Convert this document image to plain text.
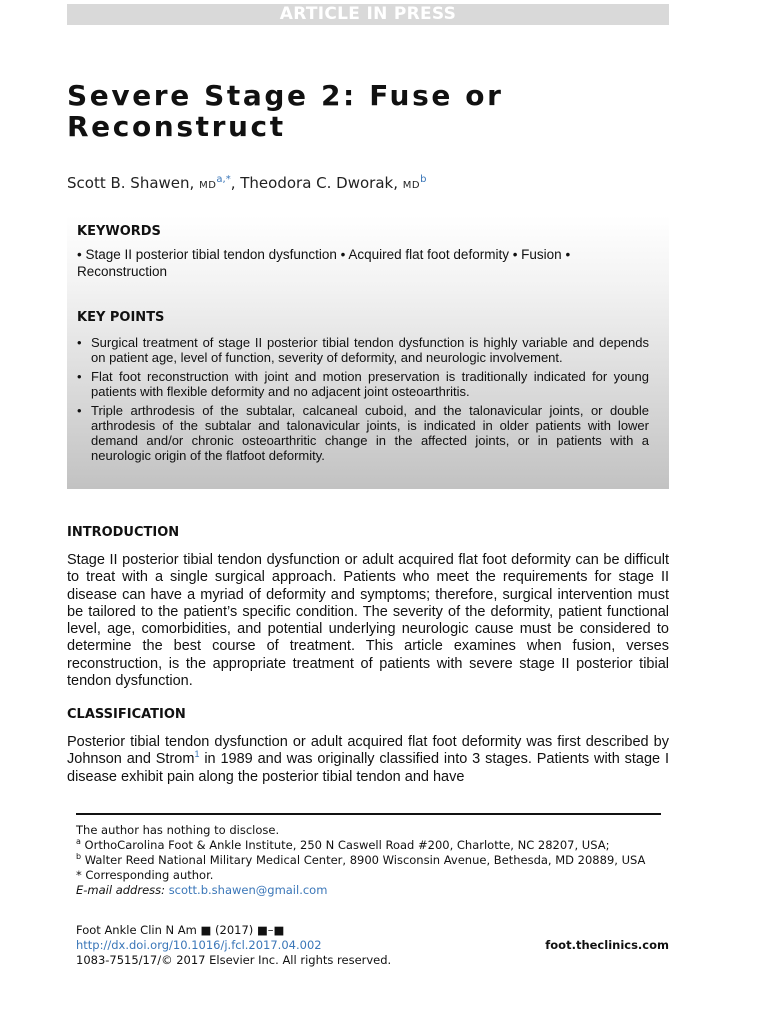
ARTICLE IN PRESS
Severe Stage 2: Fuse or
Reconstruct
Scott B. Shawen, $MD^{a,*}$, Theodora C. Dworak, $MD^b$
KEYWORDS
• Stage II posterior tibial tendon dysfunction • Acquired flat foot deformity • Fusion • Reconstruction
KEY POINTS
• Surgical treatment of stage II posterior tibial tendon dysfunction is highly variable and depends on patient age, level of function, severity of deformity, and neurologic involvement.
• Flat foot reconstruction with joint and motion preservation is traditionally indicated for young patients with flexible deformity and no adjacent joint osteoarthritis.
• Triple arthrodesis of the subtalar, calcaneal cuboid, and the talonavicular joints, or double arthrodesis of the subtalar and talonavicular joints, is indicated in older patients with lower demand and/or chronic osteoarthritic change in the affected joints, or in patients with a neurologic origin of the flatfoot deformity.
INTRODUCTION

Stage II posterior tibial tendon dysfunction or adult acquired flat foot deformity can be difficult to treat with a single surgical approach. Patients who meet the requirements for stage II disease can have a myriad of deformity and symptoms; therefore, surgical intervention must be tailored to the patient’s specific condition. The severity of the deformity, patient functional level, age, comorbidities, and potential underlying neurologic cause must be considered to determine the best course of treatment. This article examines when fusion, verses reconstruction, is the appropriate treatment of patients with severe stage II posterior tibial tendon dysfunction.

CLASSIFICATION

Posterior tibial tendon dysfunction or adult acquired flat foot deformity was first described by Johnson and Strom$^1$ in 1989 and was originally classified into 3 stages. Patients with stage I disease exhibit pain along the posterior tibial tendon and have

The author has nothing to disclose.
$^a$ OrthoCarolina Foot & Ankle Institute, 250 N Caswell Road #200, Charlotte, NC 28207, USA;
$^b$ Walter Reed National Military Medical Center, 8900 Wisconsin Avenue, Bethesda, MD 20889, USA
* Corresponding author.
E-mail address: scott.b.shawen@gmail.com
Foot Ankle Clin N Am ■ (2017) ■–■
http://dx.doi.org/10.1016/j.fcl.2017.04.002
1083-7515/17/© 2017 Elsevier Inc. All rights reserved.
foot.theclinics.com
